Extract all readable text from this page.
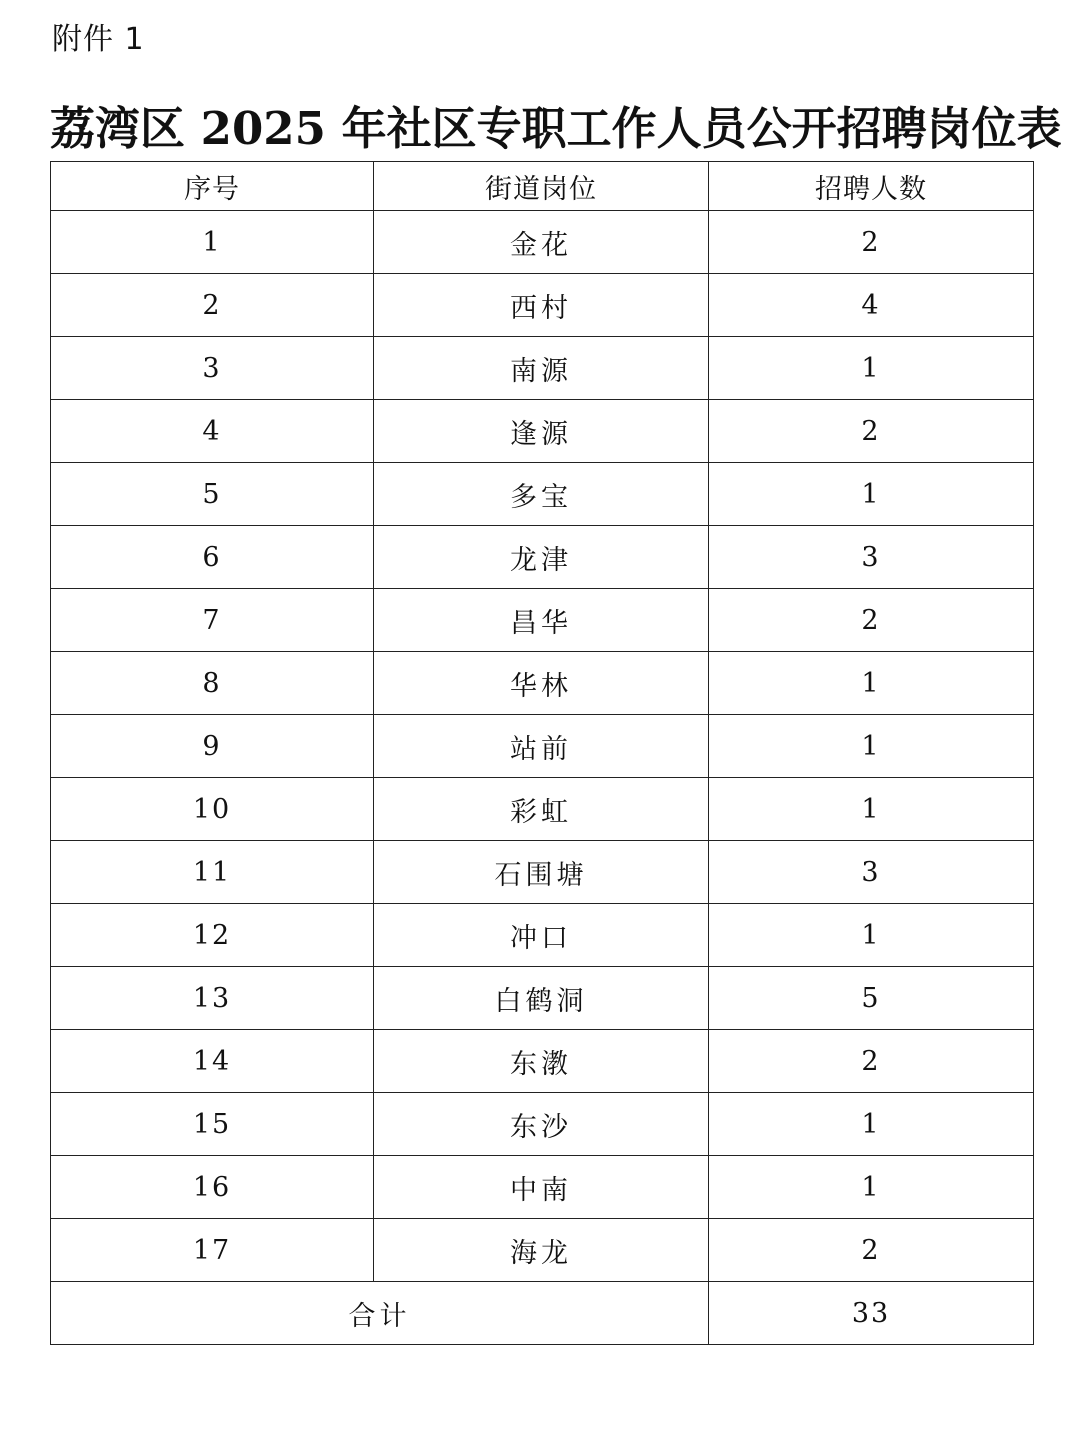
附件 1
荔湾区 2025 年社区专职工作人员公开招聘岗位表
序号	街道岗位	招聘人数
1	金花	2
2	西村	4
3	南源	1
4	逢源	2
5	多宝	1
6	龙津	3
7	昌华	2
8	华林	1
9	站前	1
10	彩虹	1
11	石围塘	3
12	冲口	1
13	白鹤洞	5
14	东漖	2
15	东沙	1
16	中南	1
17	海龙	2
合计		33
